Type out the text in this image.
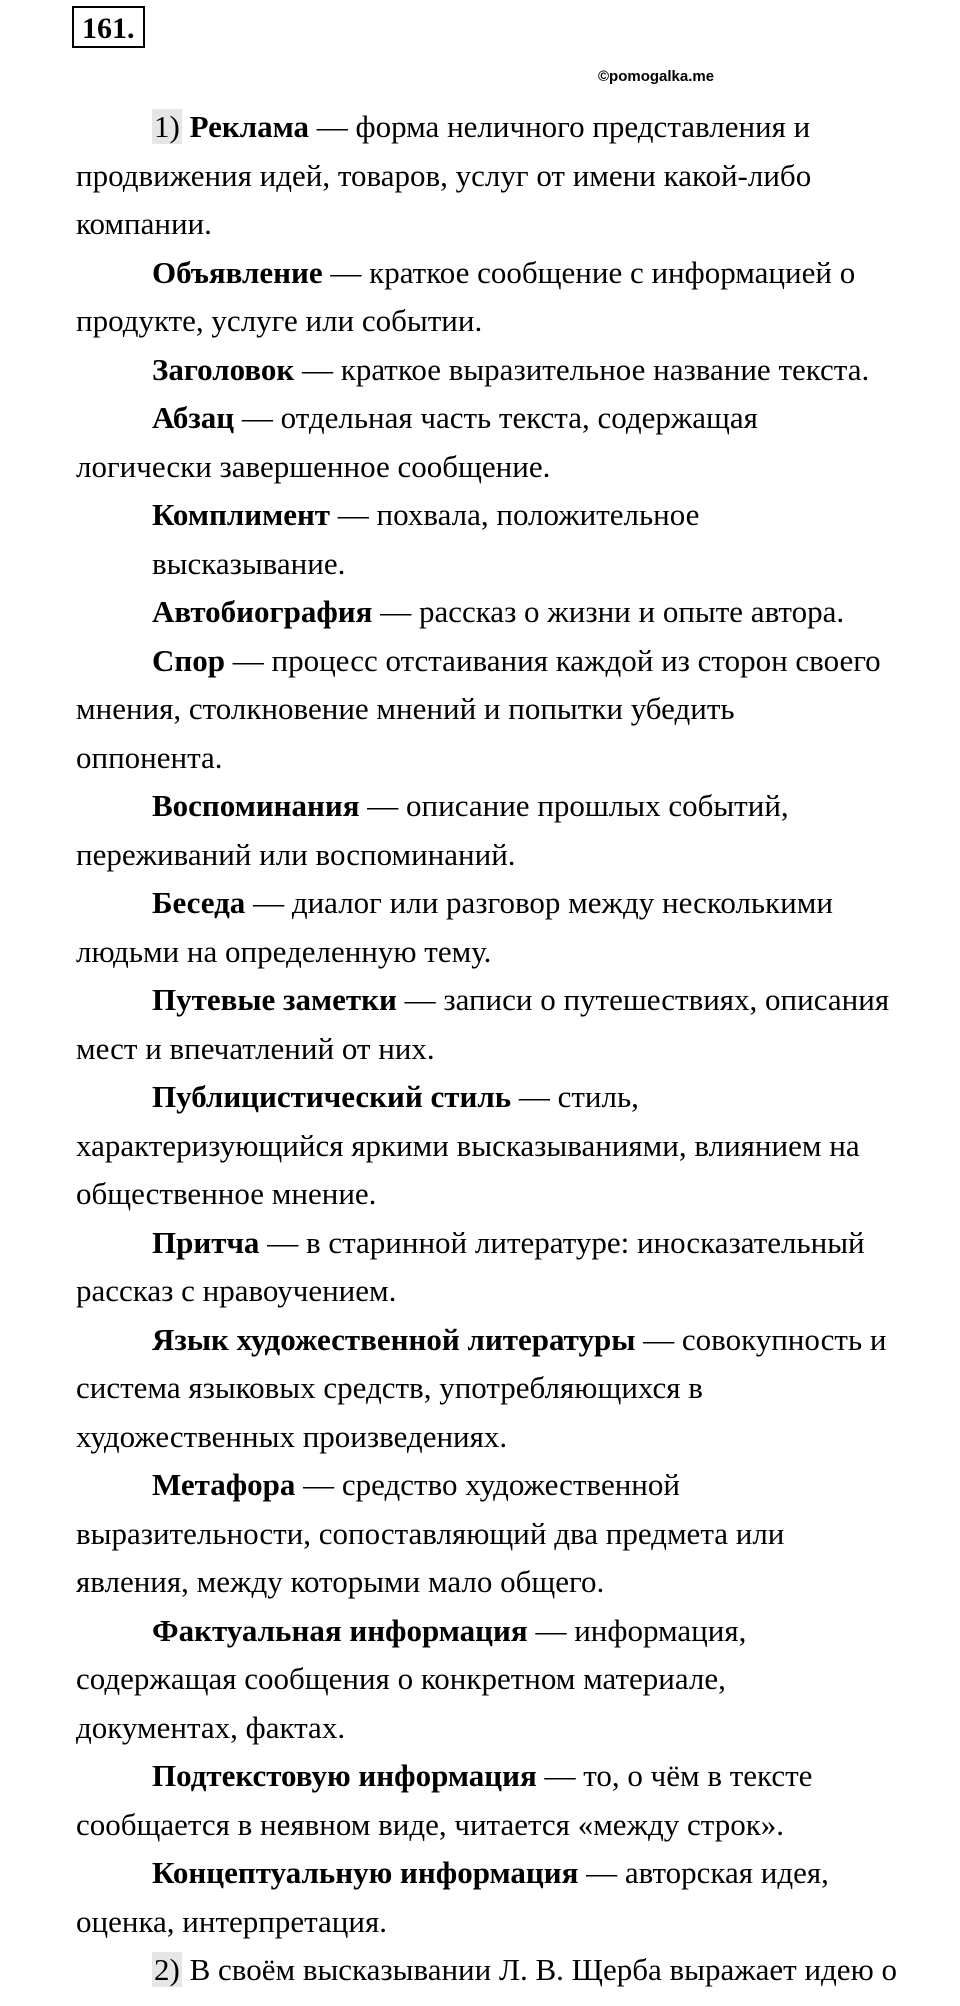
161.
©pomogalka.me
1) Реклама — форма неличного представления и
продвижения идей, товаров, услуг от имени какой-либо
компании.
Объявление — краткое сообщение с информацией о
продукте, услуге или событии.
Заголовок — краткое выразительное название текста.
Абзац — отдельная часть текста, содержащая
логически завершенное сообщение.
Комплимент — похвала, положительное
высказывание.
Автобиография — рассказ о жизни и опыте автора.
Спор — процесс отстаивания каждой из сторон своего
мнения, столкновение мнений и попытки убедить
оппонента.
Воспоминания — описание прошлых событий,
переживаний или воспоминаний.
Беседа — диалог или разговор между несколькими
людьми на определенную тему.
Путевые заметки — записи о путешествиях, описания
мест и впечатлений от них.
Публицистический стиль — стиль,
характеризующийся яркими высказываниями, влиянием на
общественное мнение.
Притча — в старинной литературе: иносказательный
рассказ с нравоучением.
Язык художественной литературы — совокупность и
система языковых средств, употребляющихся в
художественных произведениях.
Метафора — средство художественной
выразительности, сопоставляющий два предмета или
явления, между которыми мало общего.
Фактуальная информация — информация,
содержащая сообщения о конкретном материале,
документах, фактах.
Подтекстовую информация — то, о чём в тексте
сообщается в неявном виде, читается «между строк».
Концептуальную информация — авторская идея,
оценка, интерпретация.
2) В своём высказывании Л. В. Щерба выражает идею о
